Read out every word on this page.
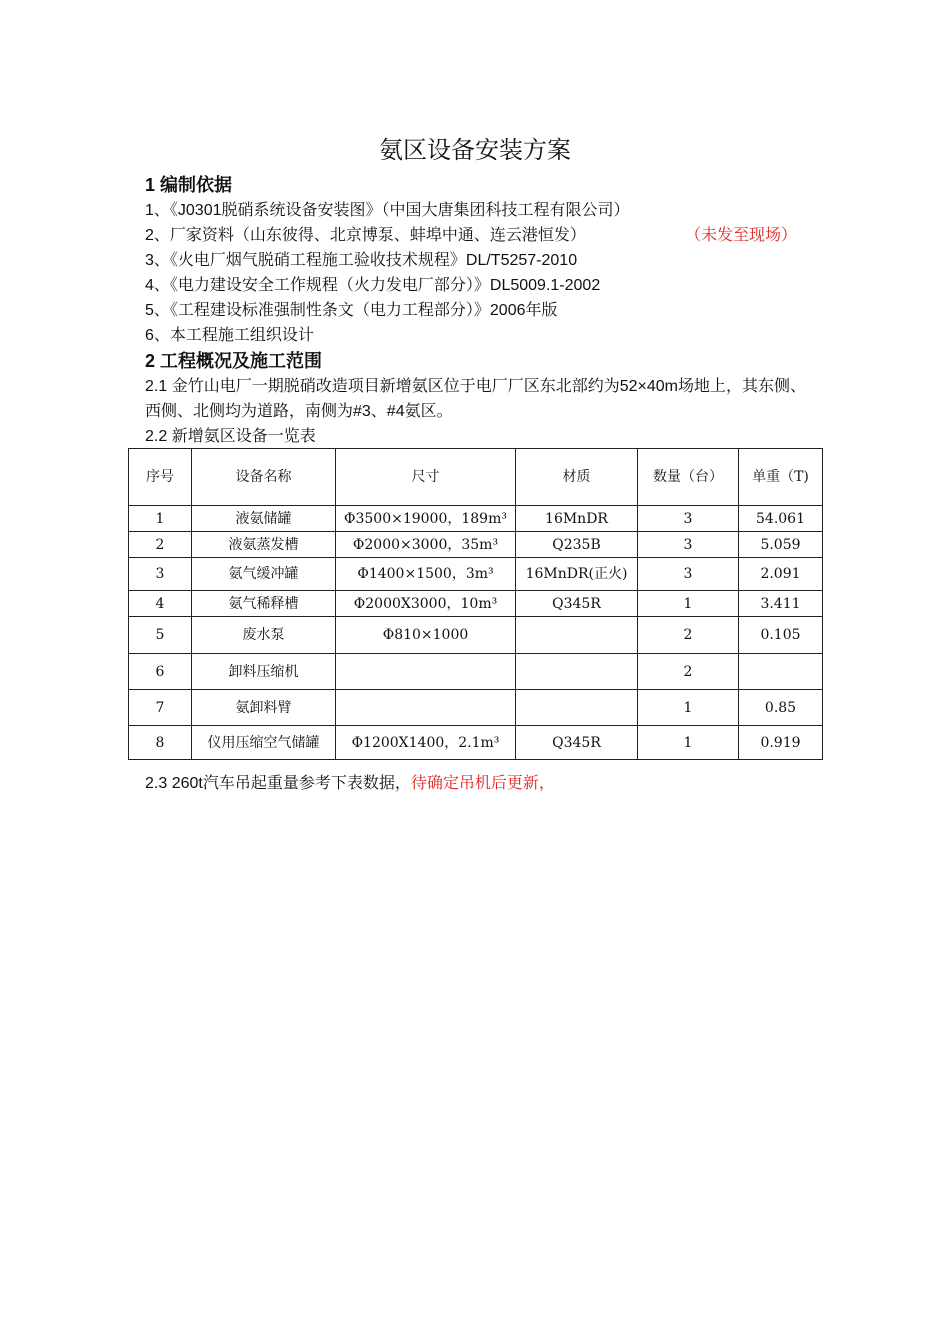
氨区设备安装方案
1 编制依据
1、《J0301脱硝系统设备安装图》（中国大唐集团科技工程有限公司）
2、厂家资料（山东彼得、北京博泵、蚌埠中通、连云港恒发）	（未发至现场）
3、《火电厂烟气脱硝工程施工验收技术规程》DL/T5257-2010
4、《电力建设安全工作规程（火力发电厂部分）》DL5009.1-2002
5、《工程建设标准强制性条文（电力工程部分）》2006年版
6、本工程施工组织设计
2 工程概况及施工范围
2.1 金竹山电厂一期脱硝改造项目新增氨区位于电厂厂区东北部约为52×40m场地上，其东侧、西侧、北侧均为道路，南侧为#3、#4氨区。
2.2 新增氨区设备一览表
序号	设备名称	尺寸	材质	数量（台）	单重（T)
1	液氨储罐	Φ3500×19000，189m³	16MnDR	3	54.061
2	液氨蒸发槽	Φ2000×3000，35m³	Q235B	3	5.059
3	氨气缓冲罐	Φ1400×1500，3m³	16MnDR(正火)	3	2.091
4	氨气稀释槽	Φ2000X3000，10m³	Q345R	1	3.411
5	废水泵	Φ810×1000		2	0.105
6	卸料压缩机			2	
7	氨卸料臂			1	0.85
8	仪用压缩空气储罐	Φ1200X1400，2.1m³	Q345R	1	0.919
2.3 260t汽车吊起重量参考下表数据，待确定吊机后更新，
